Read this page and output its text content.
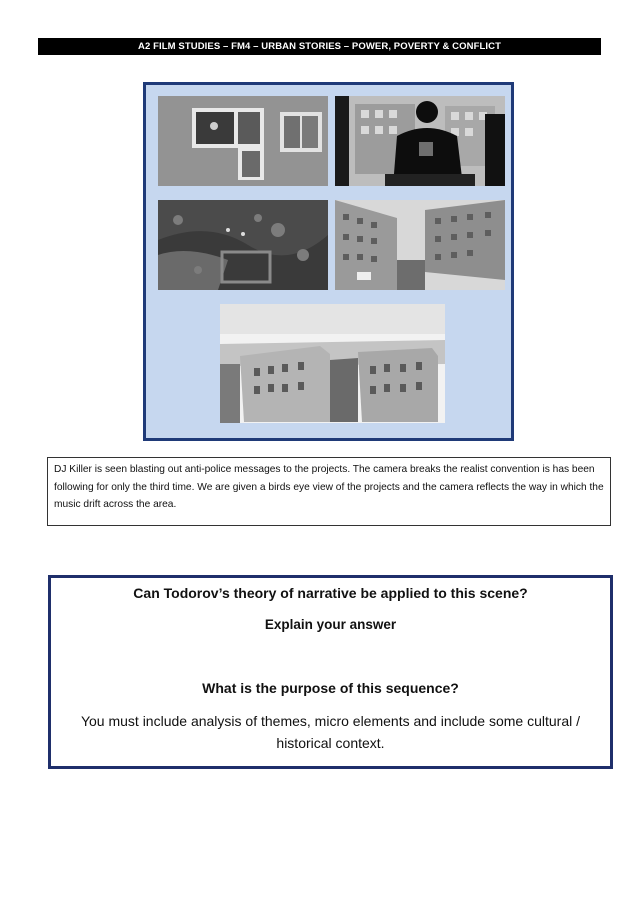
A2 FILM STUDIES – FM4 – URBAN STORIES – POWER, POVERTY & CONFLICT
DJ Killer is seen blasting out anti-police messages to the projects. The camera breaks the realist convention is has been following for only the third time. We are given a birds eye view of the projects and the camera reflects the way in which the music drift across the area.
Can Todorov’s theory of narrative be applied to this scene?
Explain your answer
What is the purpose of this sequence?
You must include analysis of themes, micro elements and include some cultural / historical context.
